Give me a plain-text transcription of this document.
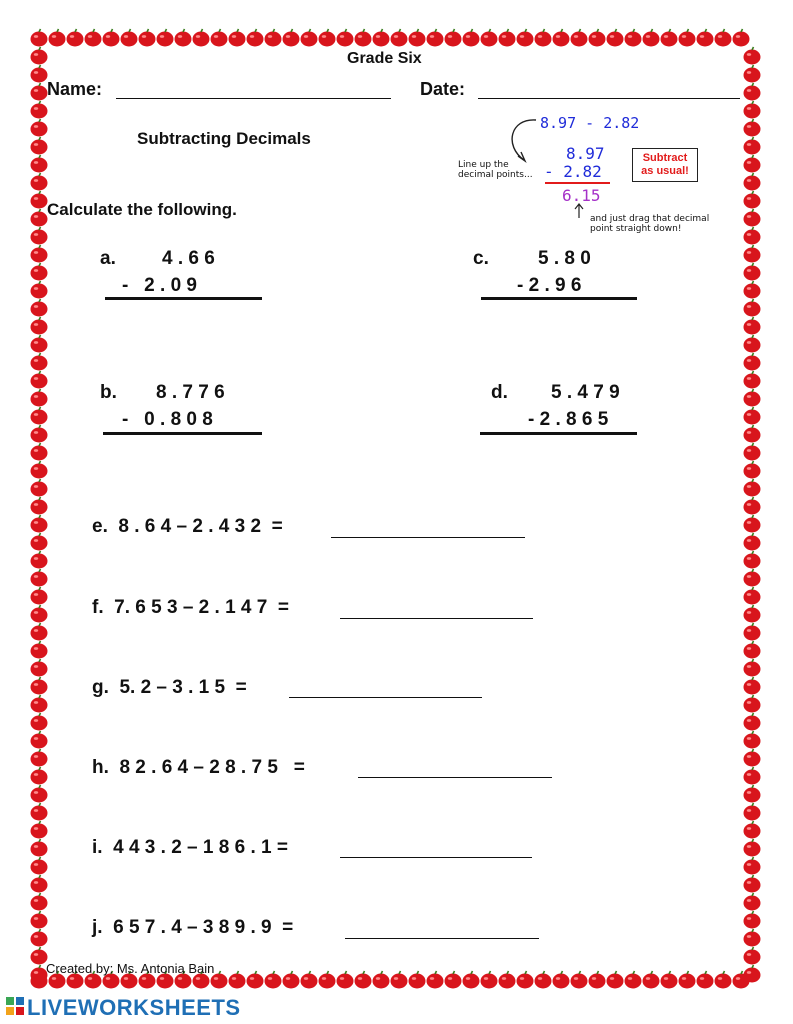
Grade Six
Name:	Date:
Subtracting Decimals
Calculate the following.
8.97 - 2.82
Line up the
decimal points...
8.97
- 2.82
6.15
and just drag that decimal
point straight down!
Subtract
as usual!
a. 4 . 6 6
-   2 . 0 9
b. 8 . 7 7 6
-   0 . 8 0 8
c.	5 . 8 0
- 2 . 9 6
d. 5 . 4 7 9
- 2 . 8 6 5
e.  8 . 6 4 – 2 . 4 3 2  =
f.  7. 6 5 3 – 2 . 1 4 7  =
g.  5. 2 – 3 . 1 5  =
h.  8 2 . 6 4 – 2 8 . 7 5   =
i.  4 4 3 . 2 – 1 8 6 . 1 =
j.  6 5 7 . 4 – 3 8 9 . 9  =
Created by: Ms. Antonia Bain
LIVEWORKSHEETS
